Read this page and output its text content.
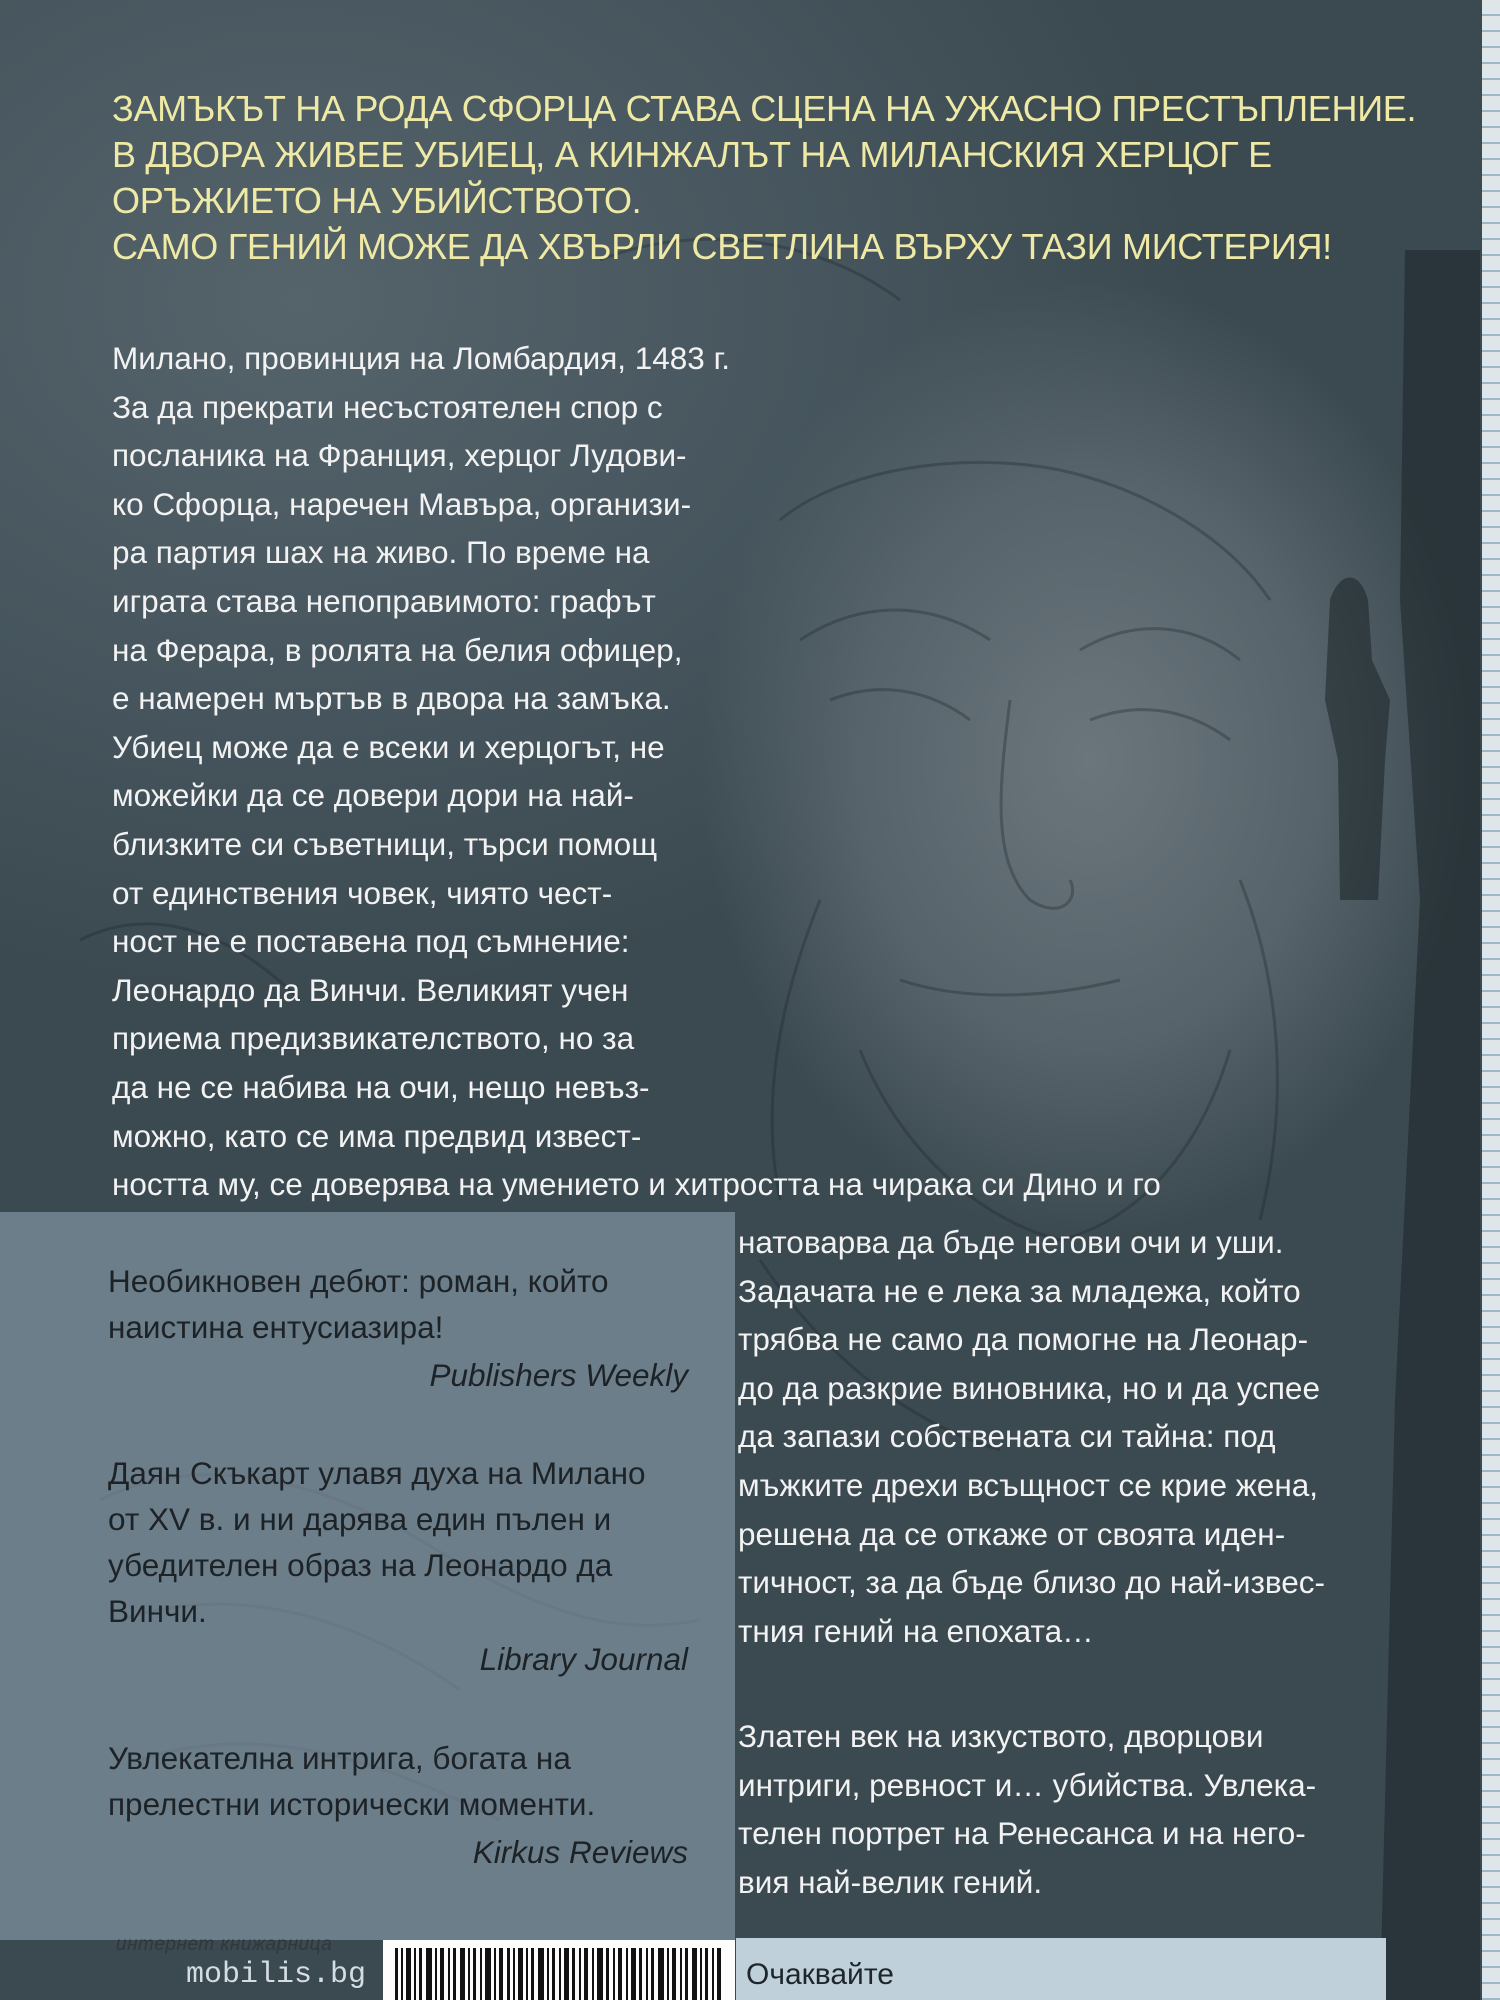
ЗАМЪКЪТ НА РОДА СФОРЦА СТАВА СЦЕНА НА УЖАСНО ПРЕСТЪПЛЕНИЕ.
В ДВОРА ЖИВЕЕ УБИЕЦ, А КИНЖАЛЪТ НА МИЛАНСКИЯ ХЕРЦОГ Е
ОРЪЖИЕТО НА УБИЙСТВОТО.
САМО ГЕНИЙ МОЖЕ ДА ХВЪРЛИ СВЕТЛИНА ВЪРХУ ТАЗИ МИСТЕРИЯ!
Милано, провинция на Ломбардия, 1483 г.
За да прекрати несъстоятелен спор с
посланика на Франция, херцог Лудови-
ко Сфорца, наречен Мавъра, организи-
ра партия шах на живо. По време на
играта става непоправимото: графът
на Ферара, в ролята на белия офицер,
е намерен мъртъв в двора на замъка.
Убиец може да е всеки и херцогът, не
можейки да се довери дори на най-
близките си съветници, търси помощ
от единствения човек, чиято чест-
ност не е поставена под съмнение:
Леонардо да Винчи. Великият учен
приема предизвикателството, но за
да не се набива на очи, нещо невъз-
можно, като се има предвид извест-
ността му, се доверява на умението и хитростта на чирака си Дино и го
Необикновен дебют: роман, който
наистина ентусиазира!
Publishers Weekly
Даян Скъкарт улавя духа на Милано
от XV в. и ни дарява един пълен и
убедителен образ на Леонардо да
Винчи.
Library Journal
Увлекателна интрига, богата на
прелестни исторически моменти.
Kirkus Reviews
натоварва да бъде негови очи и уши.
Задачата не е лека за младежа, който
трябва не само да помогне на Леонар-
до да разкрие виновника, но и да успее
да запази собствената си тайна: под
мъжките дрехи всъщност се крие жена,
решена да се откаже от своята иден-
тичност, за да бъде близо до най-извес-
тния гений на епохата…
Златен век на изкуството, дворцови
интриги, ревност и… убийства. Увлека-
телен портрет на Ренесанса и на него-
вия най-велик гений.
интернет книжарница
mobilis.bg	Очаквайте
